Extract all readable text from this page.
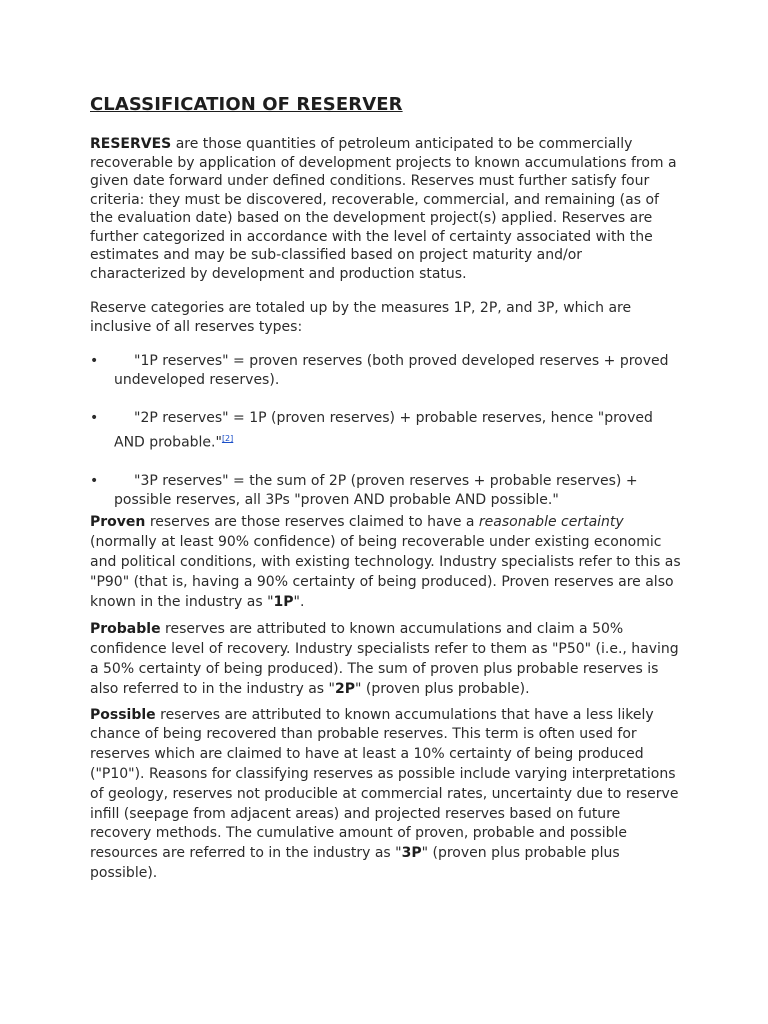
CLASSIFICATION OF RESERVER

RESERVES are those quantities of petroleum anticipated to be commercially recoverable by application of development projects to known accumulations from a given date forward under defined conditions. Reserves must further satisfy four criteria: they must be discovered, recoverable, commercial, and remaining (as of the evaluation date) based on the development project(s) applied. Reserves are further categorized in accordance with the level of certainty associated with the estimates and may be sub-classified based on project maturity and/or characterized by development and production status.

Reserve categories are totaled up by the measures 1P, 2P, and 3P, which are inclusive of all reserves types:

•	"1P reserves" = proven reserves (both proved developed reserves + proved undeveloped reserves).
•	"2P reserves" = 1P (proven reserves) + probable reserves, hence "proved AND probable."[2]
•	"3P reserves" = the sum of 2P (proven reserves + probable reserves) + possible reserves, all 3Ps "proven AND probable AND possible."

Proven reserves are those reserves claimed to have a reasonable certainty (normally at least 90% confidence) of being recoverable under existing economic and political conditions, with existing technology. Industry specialists refer to this as "P90" (that is, having a 90% certainty of being produced). Proven reserves are also known in the industry as "1P".

Probable reserves are attributed to known accumulations and claim a 50% confidence level of recovery. Industry specialists refer to them as "P50" (i.e., having a 50% certainty of being produced). The sum of proven plus probable reserves is also referred to in the industry as "2P" (proven plus probable).

Possible reserves are attributed to known accumulations that have a less likely chance of being recovered than probable reserves. This term is often used for reserves which are claimed to have at least a 10% certainty of being produced ("P10"). Reasons for classifying reserves as possible include varying interpretations of geology, reserves not producible at commercial rates, uncertainty due to reserve infill (seepage from adjacent areas) and projected reserves based on future recovery methods. The cumulative amount of proven, probable and possible resources are referred to in the industry as "3P" (proven plus probable plus possible).
